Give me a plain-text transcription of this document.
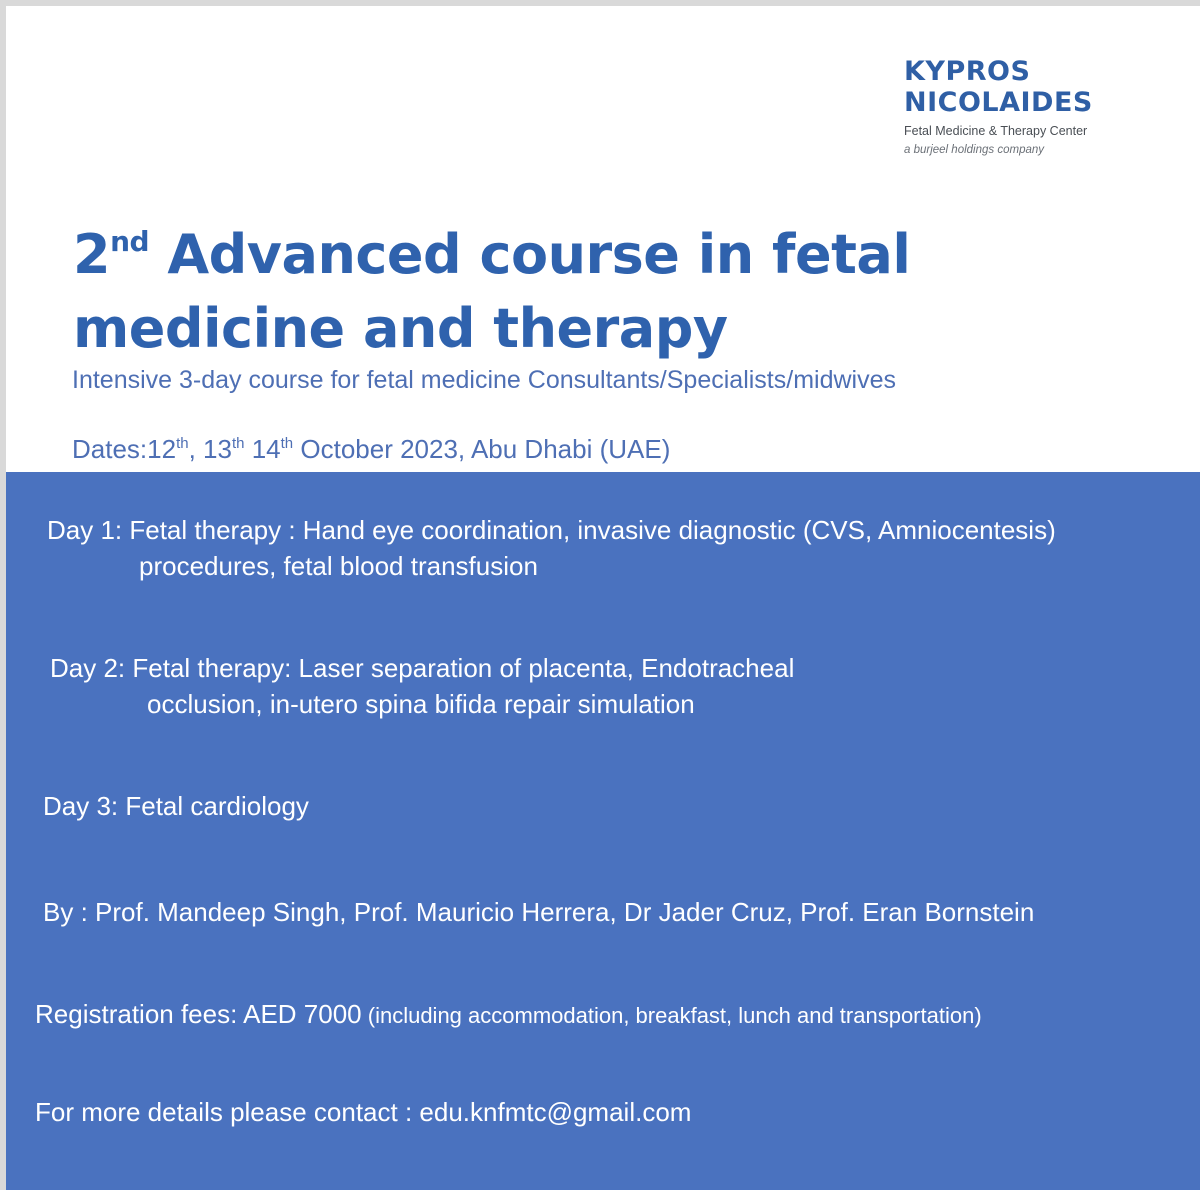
KYPROS
NICOLAIDES
Fetal Medicine & Therapy Center
a burjeel holdings company
2nd Advanced course in fetal
medicine and therapy
Intensive 3-day course for fetal medicine Consultants/Specialists/midwives
Dates:12th, 13th 14th October 2023, Abu Dhabi (UAE)
Day 1: Fetal therapy : Hand eye coordination, invasive diagnostic (CVS, Amniocentesis)
procedures, fetal blood transfusion
Day 2: Fetal therapy: Laser separation of placenta, Endotracheal
occlusion, in-utero spina bifida repair simulation
Day 3: Fetal cardiology
By : Prof. Mandeep Singh, Prof. Mauricio Herrera, Dr Jader Cruz, Prof. Eran Bornstein
Registration fees: AED 7000 (including accommodation, breakfast, lunch and transportation)
For more details please contact : edu.knfmtc@gmail.com
